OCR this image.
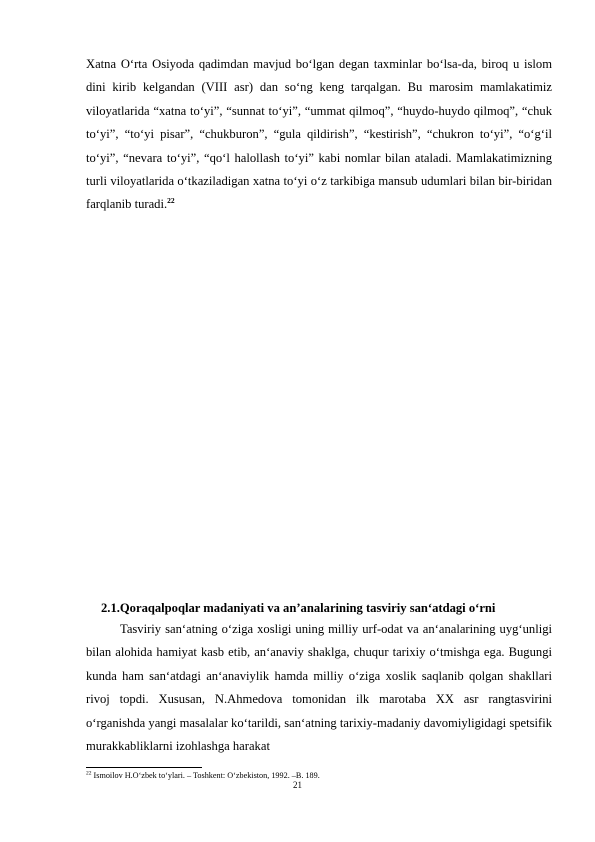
Xatna O‘rta Osiyoda qadimdan mavjud bo‘lgan degan taxminlar bo‘lsa-da, biroq u islom dini kirib kelgandan (VIII asr) dan so‘ng keng tarqalgan. Bu marosim mamlakatimiz viloyatlarida “xatna to‘yi”, “sunnat to‘yi”, “ummat qilmoq”, “huydo-huydo qilmoq”, “chuk to‘yi”, “to‘yi pisar”, “chukburon”, “gula qildirish”, “kestirish”, “chukron to‘yi”, “o‘g‘il to‘yi”, “nevara to‘yi”, “qo‘l halollash to‘yi” kabi nomlar bilan ataladi. Mamlakatimizning turli viloyatlarida o‘tkaziladigan xatna to‘yi o‘z tarkibiga mansub udumlari bilan bir-biridan farqlanib turadi.$^{22}$

2.1.Qoraqalpoqlar madaniyati va an’analarining tasviriy san‘atdagi o‘rni

Tasviriy san‘atning o‘ziga xosligi uning milliy urf-odat va an‘analarining uyg‘unligi bilan alohida hamiyat kasb etib, an‘anaviy shaklga, chuqur tarixiy o‘tmishga ega. Bugungi kunda ham san‘atdagi an‘anaviylik hamda milliy o‘ziga xoslik saqlanib qolgan shakllari rivoj topdi. Xususan, N.Ahmedova tomonidan ilk marotaba XX asr rangtasvirini o‘rganishda yangi masalalar ko‘tarildi, san‘atning tarixiy-madaniy davomiyligidagi spetsifik murakkabliklarni izohlashga harakat

$^{22}$ Ismoilov H.O‘zbek to‘ylari. – Toshkent: O‘zbekiston, 1992. –B. 189.

21
